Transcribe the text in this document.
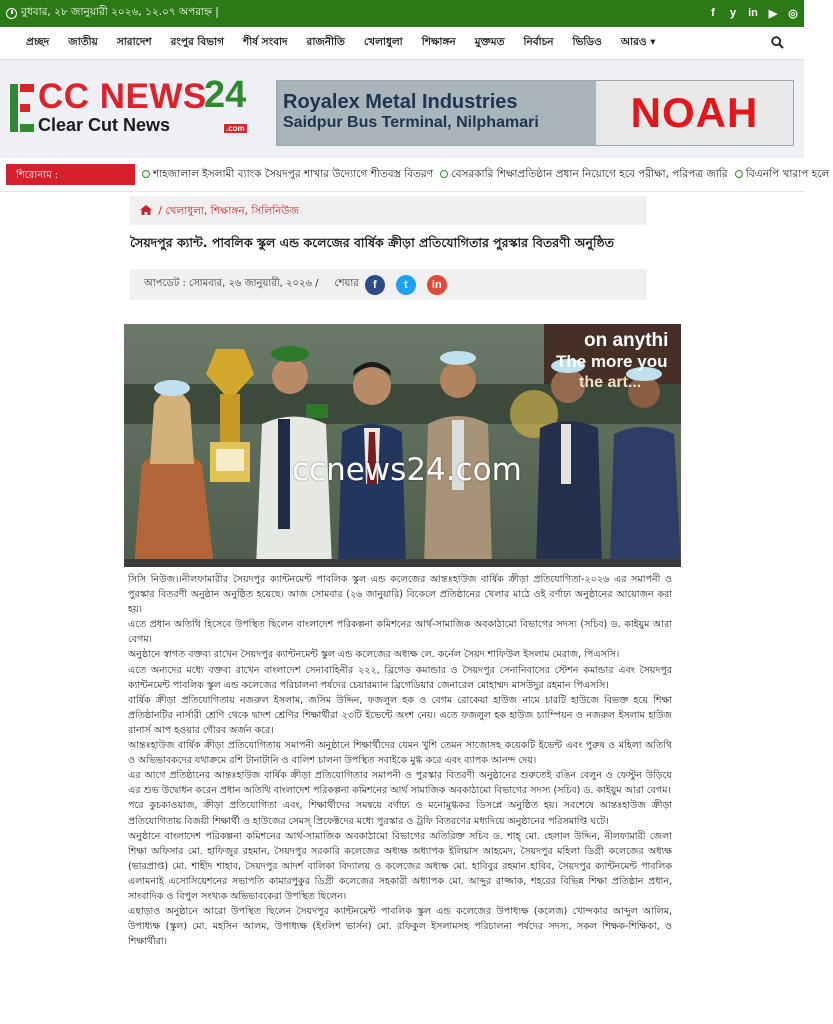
বুধবার, ২৮ জানুয়ারী ২০২৬, ১২.০৭ অপরাহ্ন |	f y in ▶ ◎
প্রচ্ছদ জাতীয় সারাদেশ রংপুর বিভাগ শীর্ষ সংবাদ রাজনীতি খেলাধুলা শিক্ষাঙ্গন মুক্তমত নির্বাচন ভিডিও আরও ▾
CC NEWS
24
Clear Cut News	.com
Royalex Metal Industries
Saidpur Bus Terminal, Nilphamari	NOAH
শিরোনাম :	শাহজালাল ইসলামী ব্যাংক সৈয়দপুর শাখার উদ্যোগে শীতবস্ত্র বিতরণ বেসরকারি শিক্ষাপ্রতিষ্ঠান প্রধান নিয়োগে হবে পরীক্ষা, পরিপত্র জারি বিএনপি খারাপ হলে
/ খেলাধুলা, শিক্ষাঙ্গন, সিলিনিউজ
সৈয়দপুর ক্যান্ট. পাবলিক স্কুল এন্ড কলেজের বার্ষিক ক্রীড়া প্রতিযোগিতার পুরস্কার বিতরণী অনুষ্ঠিত
আপডেট : সোমবার, ২৬ জানুয়ারী, ২০২৬ / শেয়ার	f	t	in
on anythi
The more you
the art...
ccnews24.com

সিসি নিউজ।।নীলফামারীর সৈয়দপুর ক্যান্টনমেন্ট পাবলিক স্কুল এন্ড কলেজের আন্তঃহাউজ বার্ষিক ক্রীড়া প্রতিযোগিতা-২০২৬ এর সমাপনী ও পুরস্কার বিতরণী অনুষ্ঠান অনুষ্ঠিত হয়েছে। আজ সোমবার (২৬ জানুয়ারি) বিকেলে প্রতিষ্ঠানের খেলার মাঠে ওই বর্ণাঢ্য অনুষ্ঠানের আয়োজন করা হয়।

এতে প্রধান অতিথি হিসেবে উপস্থিত ছিলেন বাংলাদেশ পরিকল্পনা কমিশনের আর্থ-সামাজিক অবকাঠামো বিভাগের সদস্য (সচিব) ড. কাইয়ুম আরা বেগম।

অনুষ্ঠানে স্বাগত বক্তব্য রাখেন সৈয়দপুর ক্যান্টনমেন্ট স্কুল এন্ড কলেজের অধ্যক্ষ লে. কর্নেল সৈয়দ শাফিউল ইসলাম মেরাজ, পিএসসি।

এতে অন্যদের মধ্যে বক্তব্য রাখেন বাংলাদেশ সেনাবাহিনীর ২২২, ব্রিগেড কমান্ডার ও সৈয়দপুর সেনানিবাসের স্টেশন কমান্ডার এবং সৈয়দপুর ক্যান্টনমেন্ট পাবলিক স্কুল এন্ড কলেজের পরিচালনা পর্ষদের চেয়ারম্যান ব্রিগেডিয়ার জেনারেল মোহাম্মদ মাসউদুর রহমান পিএসসি।

বার্ষিক ক্রীড়া প্রতিযোগিতায় নজরুল ইসলাম, জসিম উদ্দিন, ফজলুল হক ও বেগম রোকেয়া হাউজ নামে চারটি হাউজে বিভক্ত হয়ে শিক্ষা প্রতিষ্ঠানটির নার্সারী শ্রেণি থেকে দ্বাদশ শ্রেণির শিক্ষার্থীরা ২৩টি ইভেন্টে অংশ নেয়। এতে ফজলুল হক হাউজ চ্যাম্পিয়ন ও নজরুল ইসলাম হাউজ রানার্স আপ হওয়ার গৌরব অর্জন করে।

আন্তঃহাউজ বার্ষিক ক্রীড়া প্রতিযোগিতায় সমাপনী অনুষ্ঠানে শিক্ষার্থীদের যেমন খুশি তেমন সাজোসহ কয়েকটি ইভেন্ট এবং পুরুষ ও মহিলা অতিথি ও অভিভাবকদের যথাক্রমে রশি টানাটানি ও বালিশ চালনা উপস্থিত সবাইকে মুগ্ধ করে এবং ব্যাপক আনন্দ দেয়।

এর আগে প্রতিষ্ঠানের আন্তঃহাউজ বার্ষিক ক্রীড়া প্রতিযোগিতার সমাপনী ও পুরস্কার বিতরণী অনুষ্ঠানের শুরুতেই রঙিন বেলুন ও ফেস্টুন উড়িয়ে এর শুভ উদ্বোধন করেন প্রধান অতিথি বাংলাদেশ পরিকল্পনা কমিশনের আর্থ সামাজিক অবকাঠামো বিভাগের সদস্য (সচিব) ড. কাইয়ুম আরা বেগম।

পরে কুচকাওয়াজ, ক্রীড়া প্রতিযোগিতা এবং, শিক্ষার্থীদের সমন্বয়ে বর্ণাঢ্য ও মনোমুগ্ধকর ডিসপ্লে অনুষ্ঠিত হয়। সবশেষে আন্তঃহাউজ ক্রীড়া প্রতিযোগিতায় বিজয়ী শিক্ষার্থী ও হাউজের সেমস্ প্রিফেক্টদের মধ্যে পুরস্কার ও ট্রফি বিতরণের মধ্যদিয়ে অনুষ্ঠানের পরিসমাপ্তি ঘটে।

অনুষ্ঠানে বাংলাদেশ পরিকল্পনা কমিশনের আর্থ-সামাজিক অবকাঠামো বিভাগের অতিরিক্ত সচিব ড. শাহ্ মো. হেলাল উদ্দিন, নীলফামারী জেলা শিক্ষা অফিসার মো. হাফিজুর রহমান, সৈয়দপুর সরকারি কলেজের অধ্যক্ষ অধ্যাপক ইলিয়াস আহমেদ, সৈয়দপুর মহিলা ডিগ্রী কলেজের অধ্যক্ষ (ভারপ্রাপ্ত) মো. শাহীদ শাহাব, সৈয়দপুর আদর্শ বালিকা বিদ্যালয় ও কলেজের অধ্যক্ষ মো. হাবিবুর রহমান হাবিব, সৈয়দপুর ক্যান্টনমেন্ট পাবলিক এলামনাই এসোসিয়েশনের সভাপতি কামারপুকুর ডিগ্রী কলেজের সহকারী অধ্যাপক মো. আব্দুর রাজ্জাক, শহরের বিভিন্ন শিক্ষা প্রতিষ্ঠান প্রধান, সাংবাদিক ও বিপুল সংখ্যক অভিভাবকেরা উপস্থিত ছিলেন।

এছাড়াও অনুষ্ঠানে আরো উপস্থিত ছিলেন সৈয়দপুর ক্যান্টনমেন্ট পাবলিক স্কুল এন্ড কলেজের উপাধ্যক্ষ (কলেজ) খোন্দকার আব্দুল আলিম, উপাধ্যক্ষ (স্কুল) মো. মহসিন আলম, উপাধ্যক্ষ (ইংলিশ ভার্সন) মো. রফিকুল ইসলামসহ পরিচালনা পর্ষদের সদস্য, সকল শিক্ষক-শিক্ষিকা, ও শিক্ষার্থীরা।
